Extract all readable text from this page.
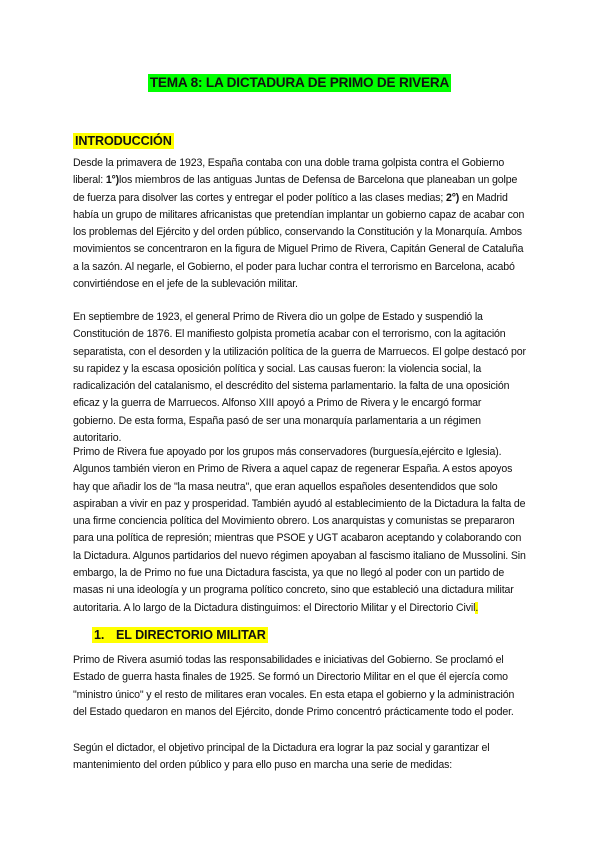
TEMA 8: LA DICTADURA DE PRIMO DE RIVERA
INTRODUCCIÓN

Desde la primavera de 1923, España contaba con una doble trama golpista contra el Gobierno liberal: 1°)los miembros de las antiguas Juntas de Defensa de Barcelona que planeaban un golpe de fuerza para disolver las cortes y entregar el poder político a las clases medias; 2°) en Madrid había un grupo de militares africanistas que pretendían implantar un gobierno capaz de acabar con los problemas del Ejército y del orden público, conservando la Constitución y la Monarquía. Ambos movimientos se concentraron en la figura de Miguel Primo de Rivera, Capitán General de Cataluña a la sazón. Al negarle, el Gobierno, el poder para luchar contra el terrorismo en Barcelona, acabó convirtiéndose en el jefe de la sublevación militar.

En septiembre de 1923, el general Primo de Rivera dio un golpe de Estado y suspendió la Constitución de 1876. El manifiesto golpista prometía acabar con el terrorismo, con la agitación separatista, con el desorden y la utilización política de la guerra de Marruecos. El golpe destacó por su rapidez y la escasa oposición política y social. Las causas fueron: la violencia social, la radicalización del catalanismo, el descrédito del sistema parlamentario. la falta de una oposición eficaz y la guerra de Marruecos. Alfonso XIII apoyó a Primo de Rivera y le encargó formar gobierno. De esta forma, España pasó de ser una monarquía parlamentaria a un régimen autoritario.

Primo de Rivera fue apoyado por los grupos más conservadores (burguesía,ejército e Iglesia). Algunos también vieron en Primo de Rivera a aquel capaz de regenerar España. A estos apoyos hay que añadir los de "la masa neutra", que eran aquellos españoles desentendidos que solo aspiraban a vivir en paz y prosperidad. También ayudó al establecimiento de la Dictadura la falta de una firme conciencia política del Movimiento obrero. Los anarquistas y comunistas se prepararon para una política de represión; mientras que PSOE y UGT acabaron aceptando y colaborando con la Dictadura. Algunos partidarios del nuevo régimen apoyaban al fascismo italiano de Mussolini. Sin embargo, la de Primo no fue una Dictadura fascista, ya que no llegó al poder con un partido de masas ni una ideología y un programa político concreto, sino que estableció una dictadura militar autoritaria. A lo largo de la Dictadura distinguimos: el Directorio Militar y el Directorio Civil.

1. EL DIRECTORIO MILITAR

Primo de Rivera asumió todas las responsabilidades e iniciativas del Gobierno. Se proclamó el Estado de guerra hasta finales de 1925. Se formó un Directorio Militar en el que él ejercía como "ministro único" y el resto de militares eran vocales. En esta etapa el gobierno y la administración del Estado quedaron en manos del Ejército, donde Primo concentró prácticamente todo el poder.

Según el dictador, el objetivo principal de la Dictadura era lograr la paz social y garantizar el mantenimiento del orden público y para ello puso en marcha una serie de medidas:
